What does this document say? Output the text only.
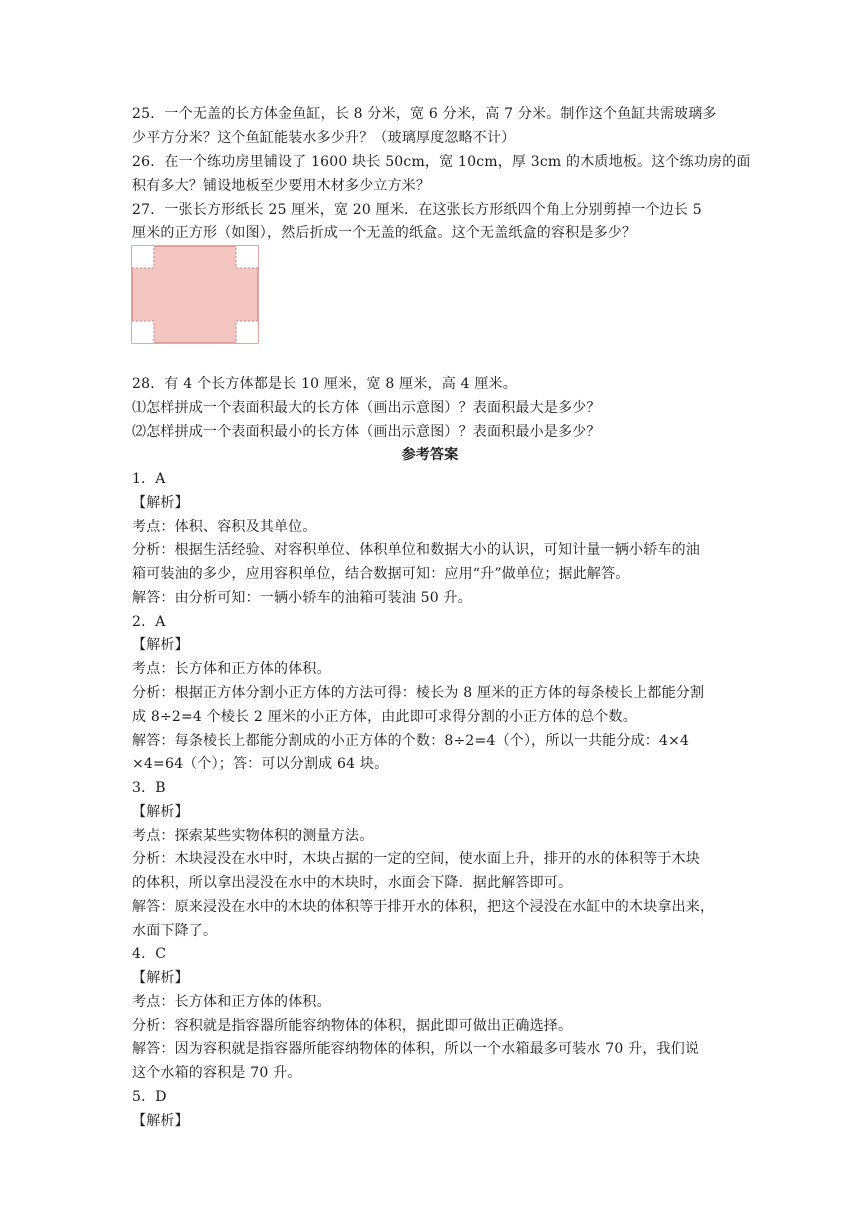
25．一个无盖的长方体金鱼缸，长 8 分米，宽 6 分米，高 7 分米。制作这个鱼缸共需玻璃多
少平方分米？这个鱼缸能装水多少升？（玻璃厚度忽略不计）
26．在一个练功房里铺设了 1600 块长 50cm，宽 10cm，厚 3cm 的木质地板。这个练功房的面
积有多大？铺设地板至少要用木材多少立方米？
27．一张长方形纸长 25 厘米，宽 20 厘米．在这张长方形纸四个角上分别剪掉一个边长 5
厘米的正方形（如图），然后折成一个无盖的纸盒。这个无盖纸盒的容积是多少？
28．有 4 个长方体都是长 10 厘米，宽 8 厘米，高 4 厘米。
⑴怎样拼成一个表面积最大的长方体（画出示意图）？表面积最大是多少？
⑵怎样拼成一个表面积最小的长方体（画出示意图）？表面积最小是多少？
参考答案
1．A
【解析】
考点：体积、容积及其单位。
分析：根据生活经验、对容积单位、体积单位和数据大小的认识，可知计量一辆小轿车的油
箱可装油的多少，应用容积单位，结合数据可知：应用“升”做单位；据此解答。
解答：由分析可知：一辆小轿车的油箱可装油 50 升。
2．A
【解析】
考点：长方体和正方体的体积。
分析：根据正方体分割小正方体的方法可得：棱长为 8 厘米的正方体的每条棱长上都能分割
成 8÷2=4 个棱长 2 厘米的小正方体，由此即可求得分割的小正方体的总个数。
解答：每条棱长上都能分割成的小正方体的个数：8÷2=4（个），所以一共能分成：4×4
×4=64（个）；答：可以分割成 64 块。
3．B
【解析】
考点：探索某些实物体积的测量方法。
分析：木块浸没在水中时，木块占据的一定的空间，使水面上升，排开的水的体积等于木块
的体积，所以拿出浸没在水中的木块时，水面会下降．据此解答即可。
解答：原来浸没在水中的木块的体积等于排开水的体积，把这个浸没在水缸中的木块拿出来，
水面下降了。
4．C
【解析】
考点：长方体和正方体的体积。
分析：容积就是指容器所能容纳物体的体积，据此即可做出正确选择。
解答：因为容积就是指容器所能容纳物体的体积，所以一个水箱最多可装水 70 升，我们说
这个水箱的容积是 70 升。
5．D
【解析】
